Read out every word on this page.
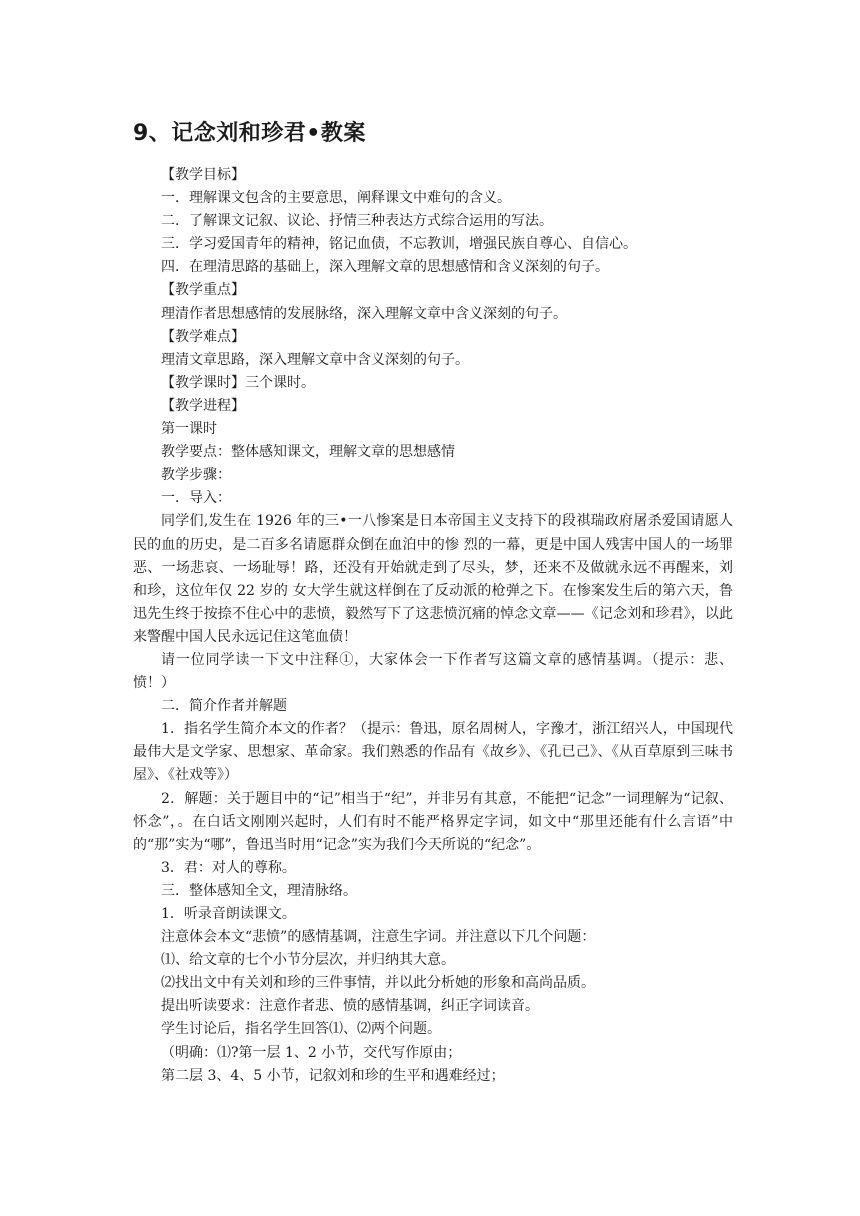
9、记念刘和珍君•教案

【教学目标】

一．理解课文包含的主要意思，阐释课文中难句的含义。

二．了解课文记叙、议论、抒情三种表达方式综合运用的写法。

三．学习爱国青年的精神，铭记血债，不忘教训，增强民族自尊心、自信心。

四．在理清思路的基础上，深入理解文章的思想感情和含义深刻的句子。

【教学重点】

理清作者思想感情的发展脉络，深入理解文章中含义深刻的句子。

【教学难点】

理清文章思路，深入理解文章中含义深刻的句子。

【教学课时】三个课时。

【教学进程】

第一课时

教学要点：整体感知课文，理解文章的思想感情

教学步骤：

一．导入：

同学们,发生在 1926 年的三•一八惨案是日本帝国主义支持下的段祺瑞政府屠杀爱国请愿人民的血的历史，是二百多名请愿群众倒在血泊中的惨 烈的一幕，更是中国人残害中国人的一场罪恶、一场悲哀、一场耻辱！路，还没有开始就走到了尽头，梦，还来不及做就永远不再醒来，刘和珍，这位年仅 22 岁的 女大学生就这样倒在了反动派的枪弹之下。在惨案发生后的第六天，鲁迅先生终于按捺不住心中的悲愤，毅然写下了这悲愤沉痛的悼念文章——《记念刘和珍君》，以此来警醒中国人民永远记住这笔血债！

请一位同学读一下文中注释①，大家体会一下作者写这篇文章的感情基调。（提示：悲、愤！）

二．简介作者并解题

1．指名学生简介本文的作者？（提示：鲁迅，原名周树人，字豫才，浙江绍兴人，中国现代最伟大是文学家、思想家、革命家。我们熟悉的作品有《故乡》、《孔已己》、《从百草原到三味书屋》、《社戏等》）

2．解题：关于题目中的“记”相当于“纪”，并非另有其意，不能把“记念”一词理解为“记叙、怀念”，。在白话文刚刚兴起时，人们有时不能严格界定字词，如文中“那里还能有什么言语”中的“那”实为“哪”，鲁迅当时用“记念”实为我们今天所说的“纪念”。

3．君：对人的尊称。

三．整体感知全文，理清脉络。

1．听录音朗读课文。

注意体会本文“悲愤”的感情基调，注意生字词。并注意以下几个问题：

⑴、给文章的七个小节分层次，并归纳其大意。

⑵找出文中有关刘和珍的三件事情，并以此分析她的形象和高尚品质。

提出听读要求：注意作者悲、愤的感情基调，纠正字词读音。

学生讨论后，指名学生回答⑴、⑵两个问题。

（明确：⑴?第一层 1、2 小节，交代写作原由；

第二层 3、4、5 小节，记叙刘和珍的生平和遇难经过；
